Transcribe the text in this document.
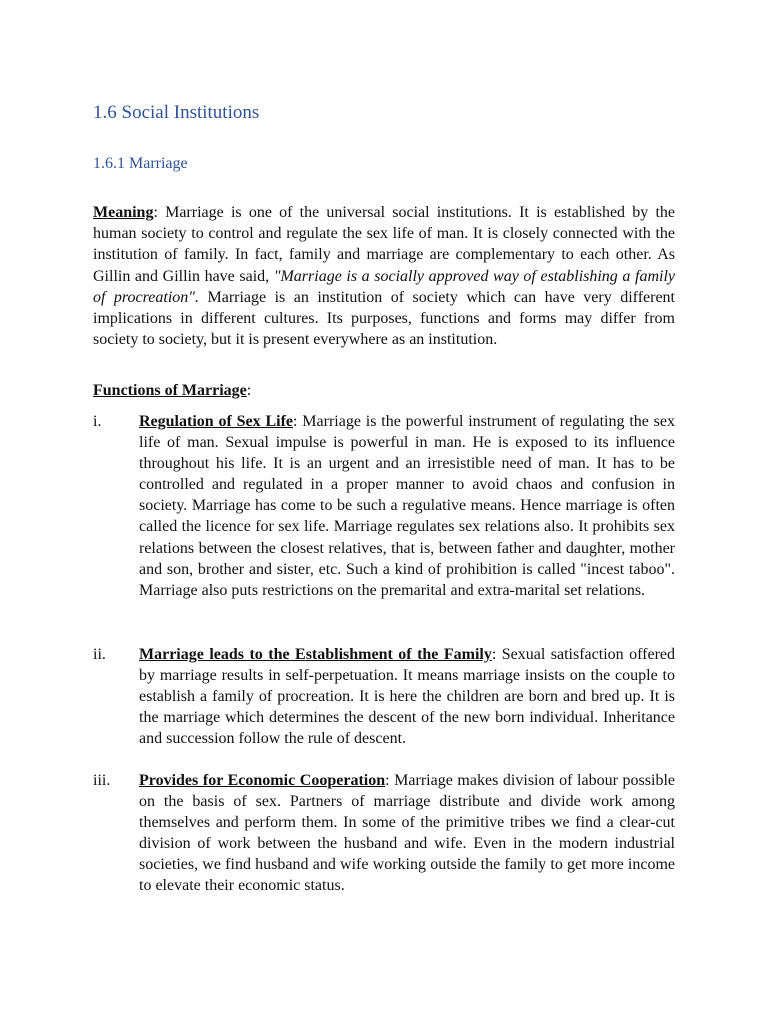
1.6 Social Institutions
1.6.1 Marriage

Meaning: Marriage is one of the universal social institutions. It is established by the human society to control and regulate the sex life of man. It is closely connected with the institution of family. In fact, family and marriage are complementary to each other. As Gillin and Gillin have said, "Marriage is a socially approved way of establishing a family of procreation". Marriage is an institution of society which can have very different implications in different cultures. Its purposes, functions and forms may differ from society to society, but it is present everywhere as an institution.

Functions of Marriage:
i. Regulation of Sex Life: Marriage is the powerful instrument of regulating the sex life of man. Sexual impulse is powerful in man. He is exposed to its influence throughout his life. It is an urgent and an irresistible need of man. It has to be controlled and regulated in a proper manner to avoid chaos and confusion in society. Marriage has come to be such a regulative means. Hence marriage is often called the licence for sex life. Marriage regulates sex relations also. It prohibits sex relations between the closest relatives, that is, between father and daughter, mother and son, brother and sister, etc. Such a kind of prohibition is called "incest taboo". Marriage also puts restrictions on the premarital and extra-marital set relations.
ii. Marriage leads to the Establishment of the Family: Sexual satisfaction offered by marriage results in self-perpetuation. It means marriage insists on the couple to establish a family of procreation. It is here the children are born and bred up. It is the marriage which determines the descent of the new born individual. Inheritance and succession follow the rule of descent.
iii. Provides for Economic Cooperation: Marriage makes division of labour possible on the basis of sex. Partners of marriage distribute and divide work among themselves and perform them. In some of the primitive tribes we find a clear-cut division of work between the husband and wife. Even in the modern industrial societies, we find husband and wife working outside the family to get more income to elevate their economic status.
